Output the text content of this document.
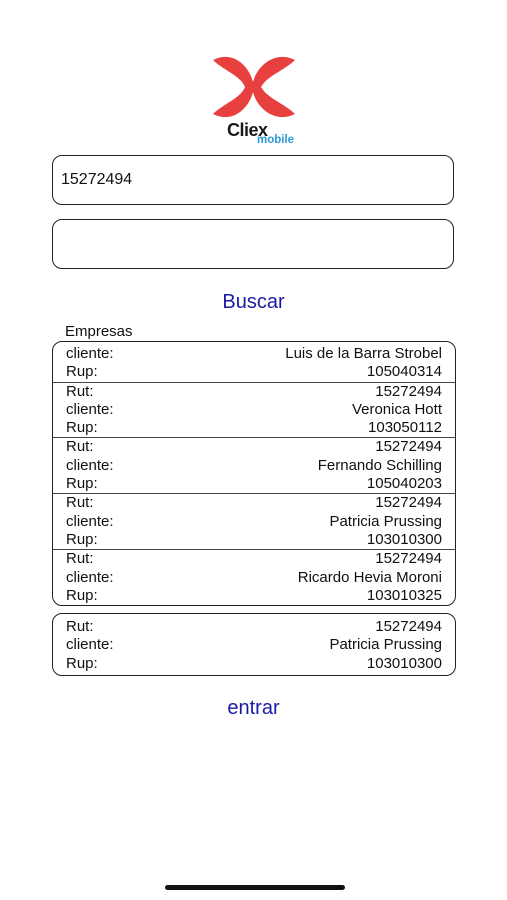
Cliex
mobile
15272494
Buscar
Empresas
cliente:	Luis de la Barra Strobel
Rup:	105040314
Rut:	15272494
cliente:	Veronica Hott
Rup:	103050112
Rut:	15272494
cliente:	Fernando Schilling
Rup:	105040203
Rut:	15272494
cliente:	Patricia Prussing
Rup:	103010300
Rut:	15272494
cliente:	Ricardo Hevia Moroni
Rup:	103010325
Rut:	15272494
cliente:	Patricia Prussing
Rup:	103010300
entrar
